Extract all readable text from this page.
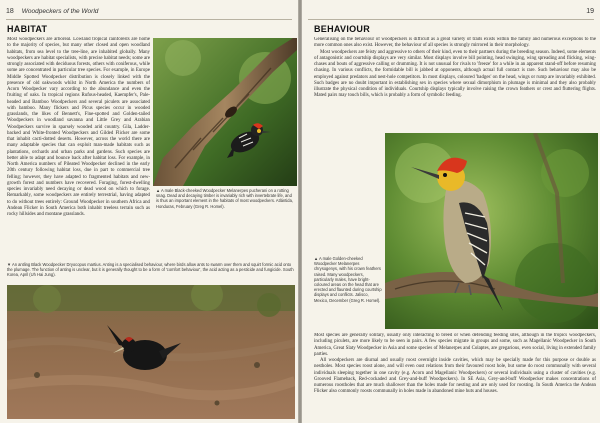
18 Woodpeckers of the World
HABITAT

Most woodpeckers are arboreal. Lowland tropical rainforests are home to the majority of species, but many other closed and open woodland habitats, from sea level to the tree-line, are inhabited globally. Many woodpeckers are habitat specialists, with precise habitat needs; some are strongly associated with deciduous forests, others with coniferous, while some are concentrated in particular tree species. For example, in Europe Middle Spotted Woodpecker distribution is closely linked with the presence of old oakwoods whilst in North America the numbers of Acorn Woodpecker vary according to the abundance and even the fruiting of oaks. In tropical regions Rufous-headed, Kaempfer's, Pale-headed and Bamboo Woodpeckers and several piculets are associated with bamboo. Many flickers and Picus species occur in wooded grasslands, the likes of Bennett's, Fine-spotted and Golden-tailed Woodpeckers in woodland savanna and Little Grey and Arabian Woodpeckers survive in sparsely wooded arid country. Gila, Ladder-backed and White-fronted Woodpeckers and Gilded Flicker are some that inhabit cacti-dotted deserts. However, across the world there are many adaptable species that can exploit man-made habitats such as plantations, orchards and urban parks and gardens. Such species are better able to adapt and bounce back after habitat loss. For example, in North America numbers of Pileated Woodpecker declined in the early 20th century following habitat loss, due in part to commercial tree felling; however, they have adapted to fragmented habitats and new-growth forest and numbers have recovered. Foraging, forest-dwelling species invariably need decaying or dead wood on which to forage. Remarkably, some woodpeckers are entirely terrestrial, having adapted to do without trees entirely: Ground Woodpecker in southern Africa and Andean Flicker in South America both inhabit treeless terrain such as rocky hillsides and montane grasslands.

▲ A male Black-cheeked Woodpecker Melanerpes pucherani on a rotting snag. Dead and decaying timber is invariably rich with invertebrate life, and is thus an important element in the habitats of most woodpeckers. Atlántida, Honduras, February (Greg R. Homel).
▼ An antling Black Woodpecker Dryocopus martius. Anting is a specialised behaviour, where birds allow ants to swarm over them and squirt formic acid onto the plumage. The function of anting is unclear, but it is generally thought to be a form of 'comfort behaviour', the acid acting as a pesticide and fungicide. South Korea, April (Uh Hai Jung).
19
BEHAVIOUR

Generalising on the behaviour of woodpeckers is difficult as a great variety of traits exists within the family and numerous exceptions to the more common ones also exist. However, the behaviour of all species is strongly mirrored in their morphology.

Most woodpeckers are feisty and aggressive to others of their kind, even to their partners during the breeding season. Indeed, some elements of antagonistic and courtship displays are very similar. Most displays involve bill pointing, head swinging, wing spreading and flicking, wing-chases and bouts of aggressive calling or drumming. It is not unusual for rivals to 'freeze' for a while in an apparent stand-off before resuming chasing. In various conflicts, the formidable bill is jabbed at opponents, although actual full contact is rare. Such behaviour may also be employed against predators and nest-hole competitors. In most displays, coloured 'badges' on the head, wings or rump are invariably exhibited. Such badges are no doubt important in establishing sex in species where sexual dimorphism in plumage is minimal and they also probably illustrate the physical condition of individuals. Courtship displays typically involve raising the crown feathers or crest and fluttering flights. Mated pairs may touch bills, which is probably a form of symbolic feeding.

▲ A male Golden-cheeked Woodpecker Melanerpes chrysogenys, with his crown feathers raised. Many woodpeckers, particularly males, have bright-coloured areas on the head that are erected and flaunted during courtship displays and conflicts. Jalisco, Mexico, December (Greg R. Homel).

Most species are generally solitary, usually only interacting to breed or when defending feeding sites, although in the tropics woodpeckers, including piculets, are more likely to be seen in pairs. A few species migrate in groups and some, such as Magellanic Woodpecker in South America, Great Slaty Woodpecker in Asia and some species of Melanerpes and Colaptes, are gregarious, even social, living in extended family parties.

All woodpeckers are diurnal and usually roost overnight inside cavities, which may be specially made for this purpose or double as nestholes. Most species roost alone, and will even oust relations from their favoured roost hole, but some do roost communally with several individuals sleeping together in one cavity (e.g. Acorn and Magellanic Woodpeckers) or several individuals using a cluster of cavities (e.g. Grooved Flameback, Red-cockaded and Grey-and-buff Woodpeckers). In SE Asia, Grey-and-buff Woodpecker makes concentrations of numerous roostholes that are much shallower than the holes made for nesting and are only used for roosting. In South America the Andean Flicker also commonly roosts communally in holes made in abandoned mine huts and houses.
